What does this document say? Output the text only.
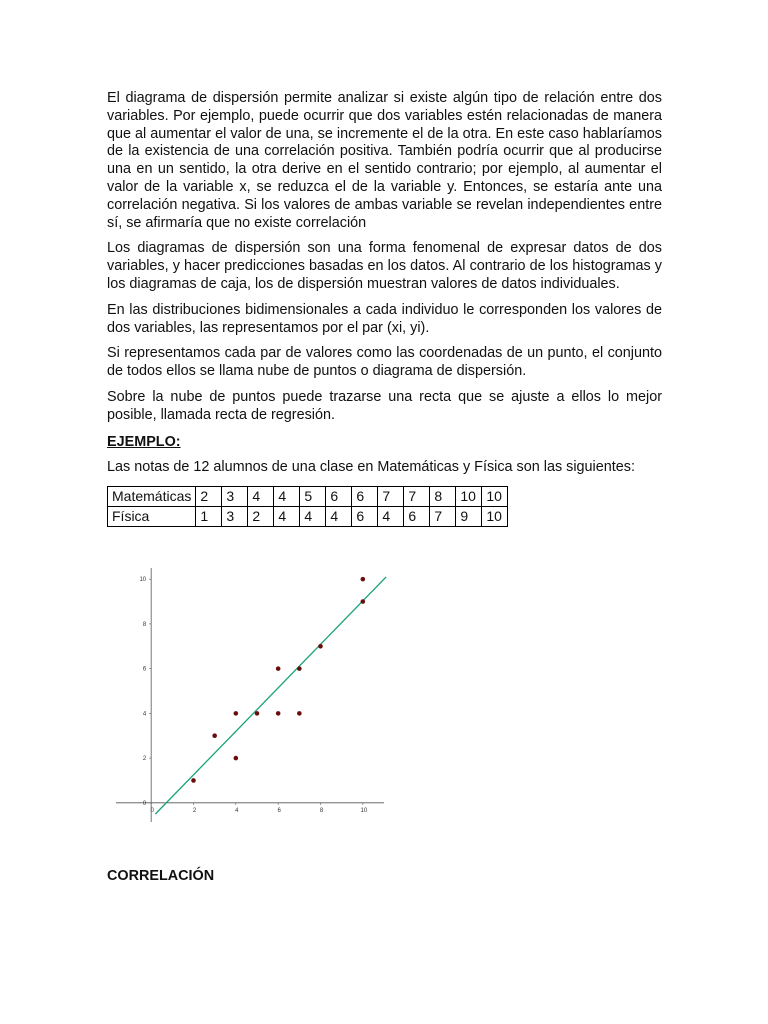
El diagrama de dispersión permite analizar si existe algún tipo de relación entre dos variables. Por ejemplo, puede ocurrir que dos variables estén relacionadas de manera que al aumentar el valor de una, se incremente el de la otra. En este caso hablaríamos de la existencia de una correlación positiva. También podría ocurrir que al producirse una en un sentido, la otra derive en el sentido contrario; por ejemplo, al aumentar el valor de la variable x, se reduzca el de la variable y. Entonces, se estaría ante una correlación negativa. Si los valores de ambas variable se revelan independientes entre sí, se afirmaría que no existe correlación

Los diagramas de dispersión son una forma fenomenal de expresar datos de dos variables, y hacer predicciones basadas en los datos. Al contrario de los histogramas y los diagramas de caja, los de dispersión muestran valores de datos individuales.

En las distribuciones bidimensionales a cada individuo le corresponden los valores de dos variables, las representamos por el par (xi, yi).

Si representamos cada par de valores como las coordenadas de un punto, el conjunto de todos ellos se llama nube de puntos o diagrama de dispersión.

Sobre la nube de puntos puede trazarse una recta que se ajuste a ellos lo mejor posible, llamada recta de regresión.

EJEMPLO:

Las notas de 12 alumnos de una clase en Matemáticas y Física son las siguientes:

Matemáticas	2	3	4	4	5	6	6	7	7	8	10	10
Física	1	3	2	4	4	4	6	4	6	7	9	10
0	2	4	6	8	10
0
2
4
6
8
10
CORRELACIÓN
